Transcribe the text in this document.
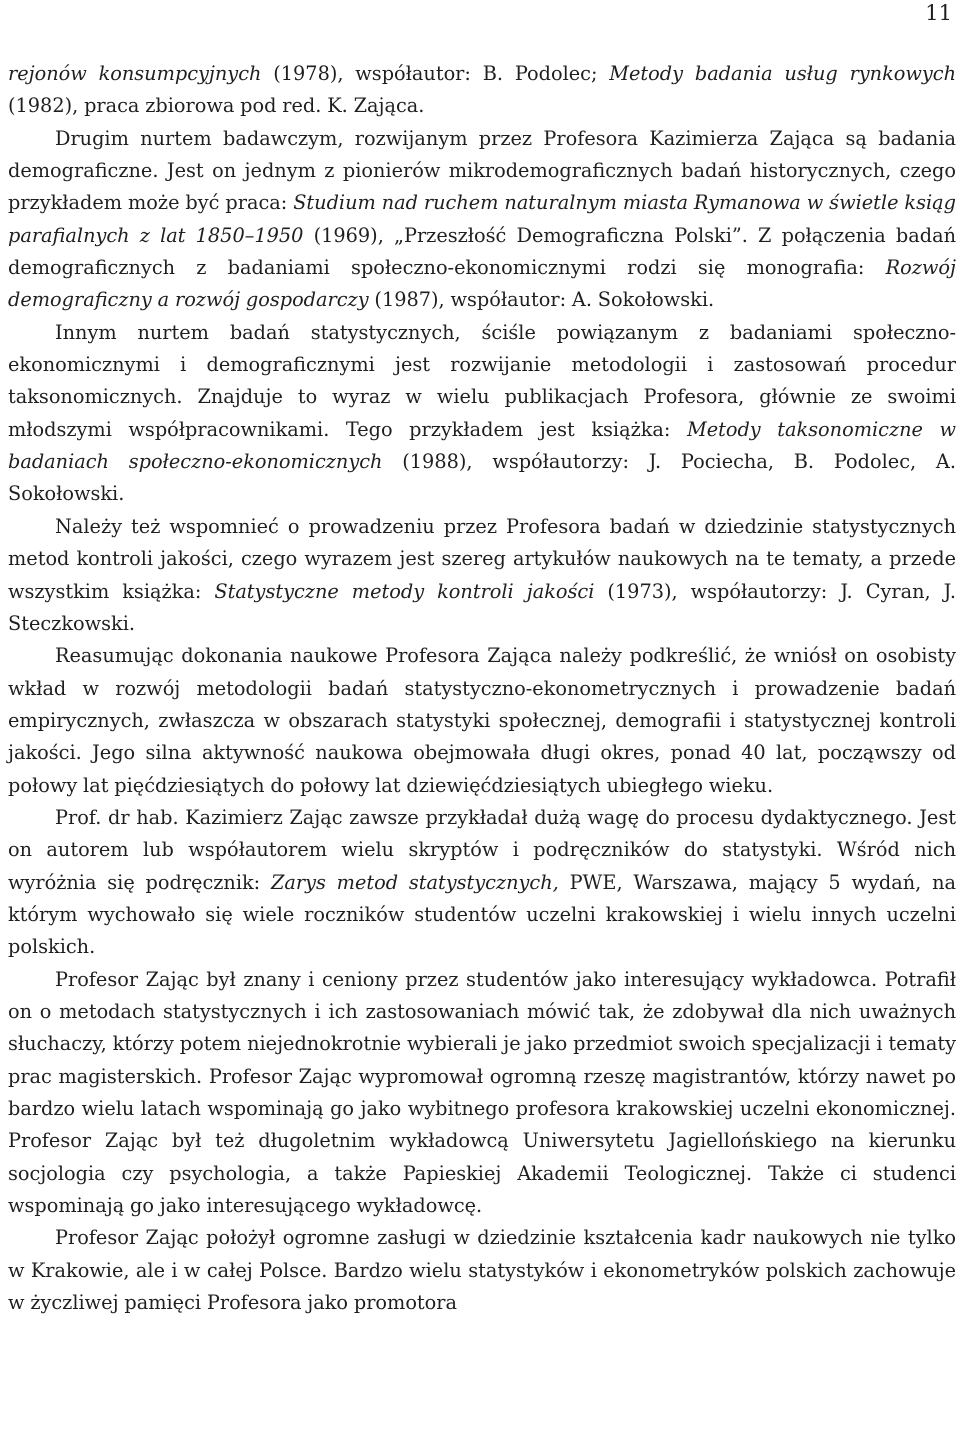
11

rejonów konsumpcyjnych (1978), współautor: B. Podolec; Metody badania usług rynkowych (1982), praca zbiorowa pod red. K. Zająca.

Drugim nurtem badawczym, rozwijanym przez Profesora Kazimierza Zająca są badania demograficzne. Jest on jednym z pionierów mikrodemograficznych badań historycznych, czego przykładem może być praca: Studium nad ruchem naturalnym miasta Rymanowa w świetle ksiąg parafialnych z lat 1850–1950 (1969), „Przeszłość Demograficzna Polski”. Z połączenia badań demograficznych z badaniami społeczno-ekonomicznymi rodzi się monografia: Rozwój demograficzny a rozwój gospodarczy (1987), współautor: A. Sokołowski.

Innym nurtem badań statystycznych, ściśle powiązanym z badaniami społeczno-ekonomicznymi i demograficznymi jest rozwijanie metodologii i zastosowań procedur taksonomicznych. Znajduje to wyraz w wielu publikacjach Profesora, głównie ze swoimi młodszymi współpracownikami. Tego przykładem jest książka: Metody taksonomiczne w badaniach społeczno-ekonomicznych (1988), współautorzy: J. Pociecha, B. Podolec, A. Sokołowski.

Należy też wspomnieć o prowadzeniu przez Profesora badań w dziedzinie statystycznych metod kontroli jakości, czego wyrazem jest szereg artykułów naukowych na te tematy, a przede wszystkim książka: Statystyczne metody kontroli jakości (1973), współautorzy: J. Cyran, J. Steczkowski.

Reasumując dokonania naukowe Profesora Zająca należy podkreślić, że wniósł on osobisty wkład w rozwój metodologii badań statystyczno-ekonometrycznych i prowadzenie badań empirycznych, zwłaszcza w obszarach statystyki społecznej, demografii i statystycznej kontroli jakości. Jego silna aktywność naukowa obejmowała długi okres, ponad 40 lat, począwszy od połowy lat pięćdziesiątych do połowy lat dziewięćdziesiątych ubiegłego wieku.

Prof. dr hab. Kazimierz Zając zawsze przykładał dużą wagę do procesu dydaktycznego. Jest on autorem lub współautorem wielu skryptów i podręczników do statystyki. Wśród nich wyróżnia się podręcznik: Zarys metod statystycznych, PWE, Warszawa, mający 5 wydań, na którym wychowało się wiele roczników studentów uczelni krakowskiej i wielu innych uczelni polskich.

Profesor Zając był znany i ceniony przez studentów jako interesujący wykładowca. Potrafił on o metodach statystycznych i ich zastosowaniach mówić tak, że zdobywał dla nich uważnych słuchaczy, którzy potem niejednokrotnie wybierali je jako przedmiot swoich specjalizacji i tematy prac magisterskich. Profesor Zając wypromował ogromną rzeszę magistrantów, którzy nawet po bardzo wielu latach wspominają go jako wybitnego profesora krakowskiej uczelni ekonomicznej. Profesor Zając był też długoletnim wykładowcą Uniwersytetu Jagiellońskiego na kierunku socjologia czy psychologia, a także Papieskiej Akademii Teologicznej. Także ci studenci wspominają go jako interesującego wykładowcę.

Profesor Zając położył ogromne zasługi w dziedzinie kształcenia kadr naukowych nie tylko w Krakowie, ale i w całej Polsce. Bardzo wielu statystyków i ekonometryków polskich zachowuje w życzliwej pamięci Profesora jako promotora
